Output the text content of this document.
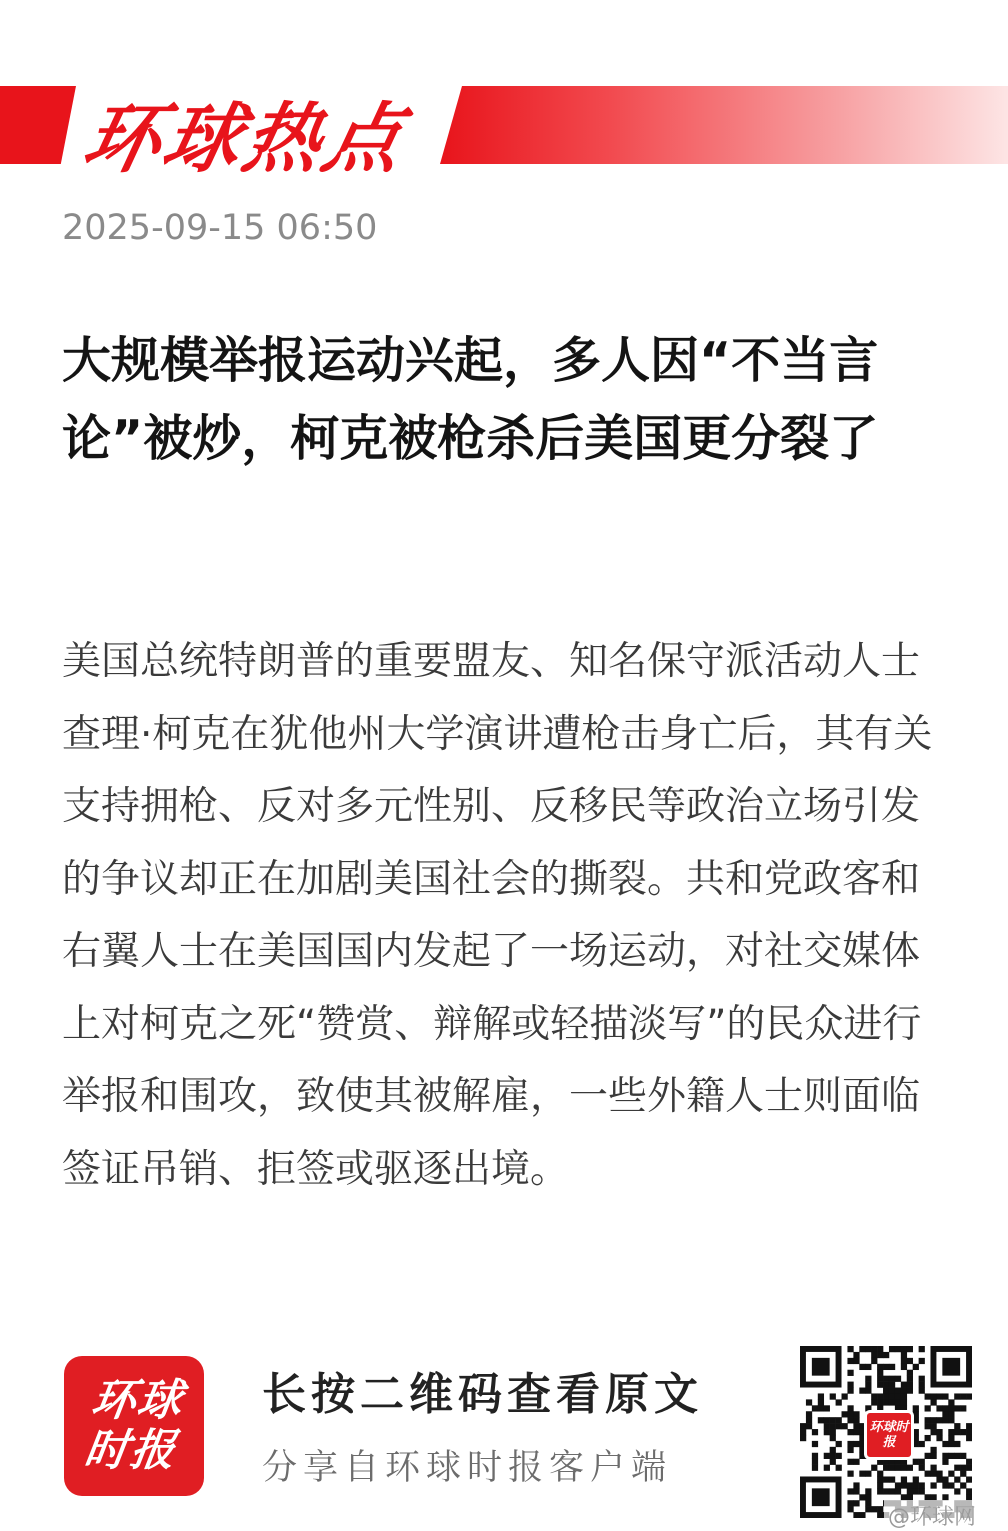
环球热点
2025-09-15 06:50
大规模举报运动兴起，多人因“不当言论”被炒，柯克被枪杀后美国更分裂了
美国总统特朗普的重要盟友、知名保守派活动人士查理·柯克在犹他州大学演讲遭枪击身亡后，其有关支持拥枪、反对多元性别、反移民等政治立场引发的争议却正在加剧美国社会的撕裂。共和党政客和右翼人士在美国国内发起了一场运动，对社交媒体上对柯克之死“赞赏、辩解或轻描淡写”的民众进行举报和围攻，致使其被解雇，一些外籍人士则面临签证吊销、拒签或驱逐出境。
环球时报
长按二维码查看原文
分享自环球时报客户端
环球时报
@环球网
